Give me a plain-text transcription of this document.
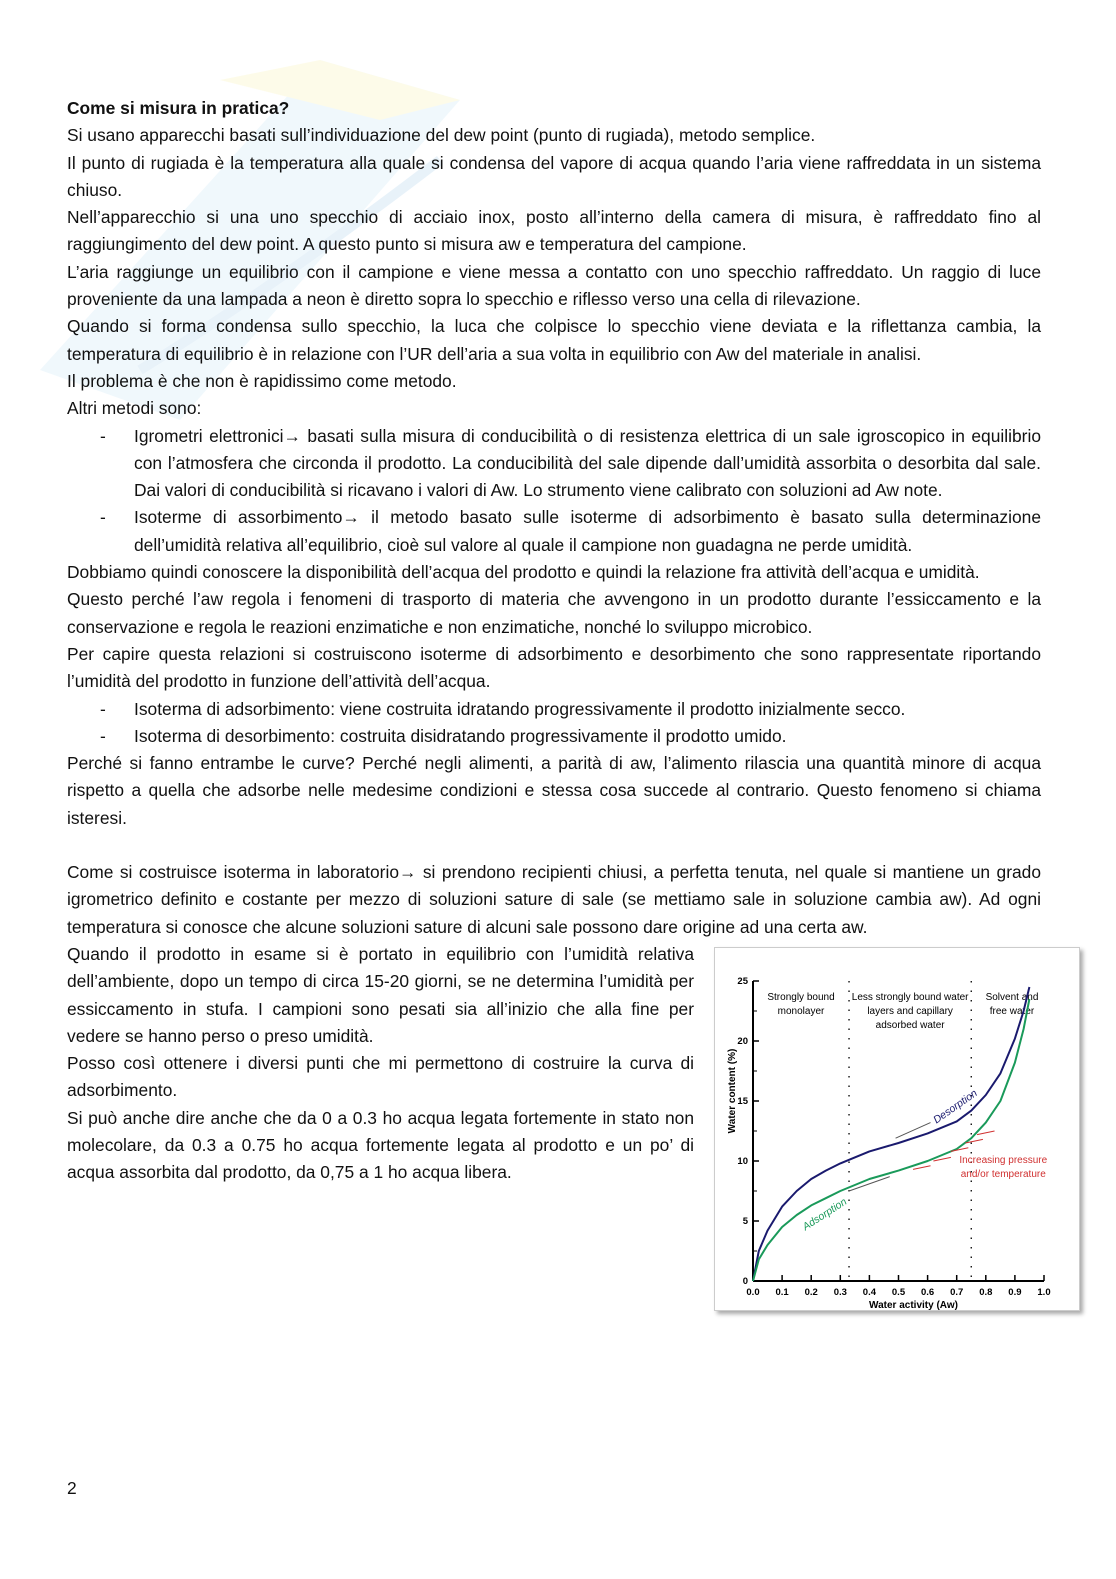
Come si misura in pratica?

Si usano apparecchi basati sull’individuazione del dew point (punto di rugiada), metodo semplice.

Il punto di rugiada è la temperatura alla quale si condensa del vapore di acqua quando l’aria viene raffreddata in un sistema chiuso.

Nell’apparecchio si una uno specchio di acciaio inox, posto all’interno della camera di misura, è raffreddato fino al raggiungimento del dew point. A questo punto si misura aw e temperatura del campione.

L’aria raggiunge un equilibrio con il campione e viene messa a contatto con uno specchio raffreddato. Un raggio di luce proveniente da una lampada a neon è diretto sopra lo specchio e riflesso verso una cella di rilevazione.

Quando si forma condensa sullo specchio, la luca che colpisce lo specchio viene deviata e la riflettanza cambia, la temperatura di equilibrio è in relazione con l’UR dell’aria a sua volta in equilibrio con Aw del materiale in analisi.

Il problema è che non è rapidissimo come metodo.

Altri metodi sono:

-	Igrometri elettronici→ basati sulla misura di conducibilità o di resistenza elettrica di un sale igroscopico in equilibrio con l’atmosfera che circonda il prodotto. La conducibilità del sale dipende dall’umidità assorbita o desorbita dal sale. Dai valori di conducibilità si ricavano i valori di Aw. Lo strumento viene calibrato con soluzioni ad Aw note.
-	Isoterme di assorbimento→ il metodo basato sulle isoterme di adsorbimento è basato sulla determinazione dell’umidità relativa all’equilibrio, cioè sul valore al quale il campione non guadagna ne perde umidità.

Dobbiamo quindi conoscere la disponibilità dell’acqua del prodotto e quindi la relazione fra attività dell’acqua e umidità.

Questo perché l’aw regola i fenomeni di trasporto di materia che avvengono in un prodotto durante l’essiccamento e la conservazione e regola le reazioni enzimatiche e non enzimatiche, nonché lo sviluppo microbico.

Per capire questa relazioni si costruiscono isoterme di adsorbimento e desorbimento che sono rappresentate riportando l’umidità del prodotto in funzione dell’attività dell’acqua.

-	Isoterma di adsorbimento: viene costruita idratando progressivamente il prodotto inizialmente secco.
-	Isoterma di desorbimento: costruita disidratando progressivamente il prodotto umido.

Perché si fanno entrambe le curve? Perché negli alimenti, a parità di aw, l’alimento rilascia una quantità minore di acqua rispetto a quella che adsorbe nelle medesime condizioni e stessa cosa succede al contrario. Questo fenomeno si chiama isteresi.

Come si costruisce isoterma in laboratorio→ si prendono recipienti chiusi, a perfetta tenuta, nel quale si mantiene un grado igrometrico definito e costante per mezzo di soluzioni sature di sale (se mettiamo sale in soluzione cambia aw). Ad ogni temperatura si conosce che alcune soluzioni sature di alcuni sale possono dare origine ad una certa aw.

0.0 0.1 0.2 0.3 0.4 0.5 0.6 0.7 0.8 0.9 1.0
0
5
10
15
20
25
Water content (%)
Water activity (Aw)
Strongly bound
monolayer
Less strongly bound water
layers and capillary
adsorbed water
Solvent and
free water
Desorption
Adsorption
Increasing pressure
and/or temperature

Quando il prodotto in esame si è portato in equilibrio con l’umidità relativa dell’ambiente, dopo un tempo di circa 15-20 giorni, se ne determina l’umidità per essiccamento in stufa. I campioni sono pesati sia all’inizio che alla fine per vedere se hanno perso o preso umidità.

Posso così ottenere i diversi punti che mi permettono di costruire la curva di adsorbimento.

Si può anche dire anche che da 0 a 0.3 ho acqua legata fortemente in stato non molecolare, da 0.3 a 0.75 ho acqua fortemente legata al prodotto e un po’ di acqua assorbita dal prodotto, da 0,75 a 1 ho acqua libera.

2
